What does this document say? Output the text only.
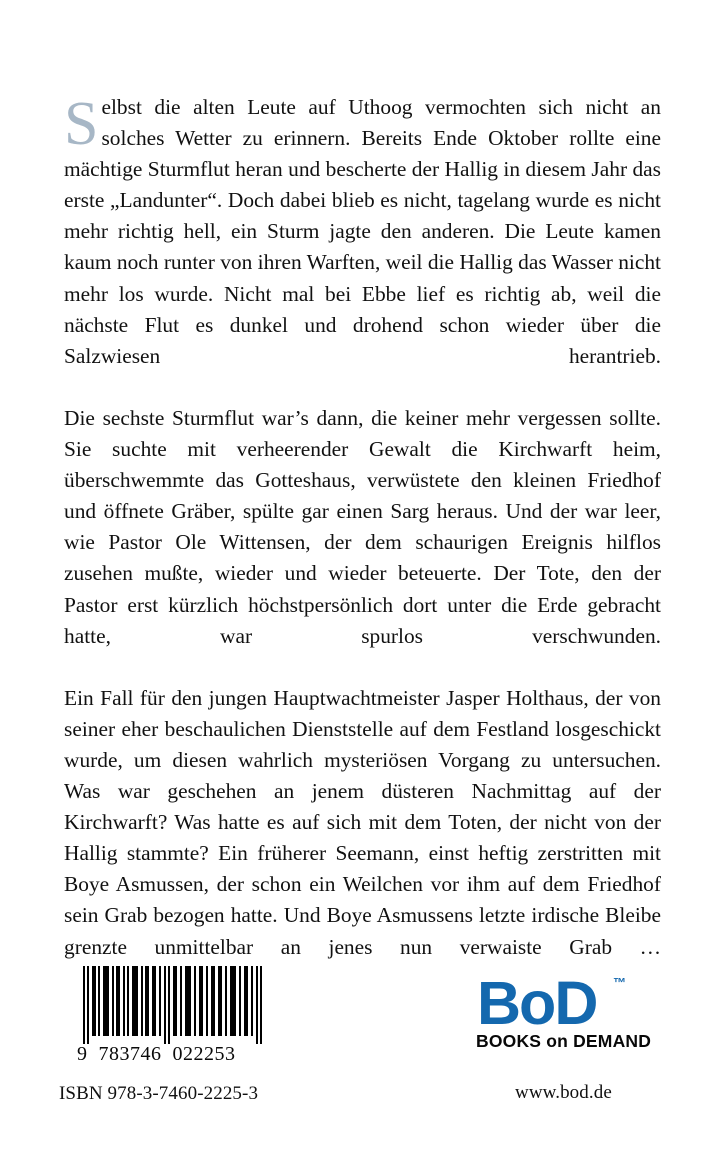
Selbst die alten Leute auf Uthoog vermochten sich nicht an solches Wetter zu erinnern. Bereits Ende Oktober rollte eine mächtige Sturmflut heran und bescherte der Hallig in diesem Jahr das erste „Landunter“. Doch dabei blieb es nicht, tagelang wurde es nicht mehr richtig hell, ein Sturm jagte den anderen. Die Leute kamen kaum noch runter von ihren Warften, weil die Hallig das Wasser nicht mehr los wurde. Nicht mal bei Ebbe lief es richtig ab, weil die nächste Flut es dunkel und drohend schon wieder über die Salzwiesen herantrieb.

Die sechste Sturmflut war’s dann, die keiner mehr vergessen sollte. Sie suchte mit verheerender Gewalt die Kirchwarft heim, überschwemmte das Gotteshaus, verwüstete den kleinen Friedhof und öffnete Gräber, spülte gar einen Sarg heraus. Und der war leer, wie Pastor Ole Wittensen, der dem schaurigen Ereignis hilflos zusehen mußte, wieder und wieder beteuerte. Der Tote, den der Pastor erst kürzlich höchstpersönlich dort unter die Erde gebracht hatte, war spurlos verschwunden.

Ein Fall für den jungen Hauptwachtmeister Jasper Holthaus, der von seiner eher beschaulichen Dienststelle auf dem Festland losgeschickt wurde, um diesen wahrlich mysteriösen Vorgang zu untersuchen. Was war geschehen an jenem düsteren Nachmittag auf der Kirchwarft? Was hatte es auf sich mit dem Toten, der nicht von der Hallig stammte? Ein früherer Seemann, einst heftig zerstritten mit Boye Asmussen, der schon ein Weilchen vor ihm auf dem Friedhof sein Grab bezogen hatte. Und Boye Asmussens letzte irdische Bleibe grenzte unmittelbar an jenes nun verwaiste Grab …

9  783746  022253
ISBN 978-3-7460-2225-3
BoD ™
BOOKS on DEMAND
www.bod.de
